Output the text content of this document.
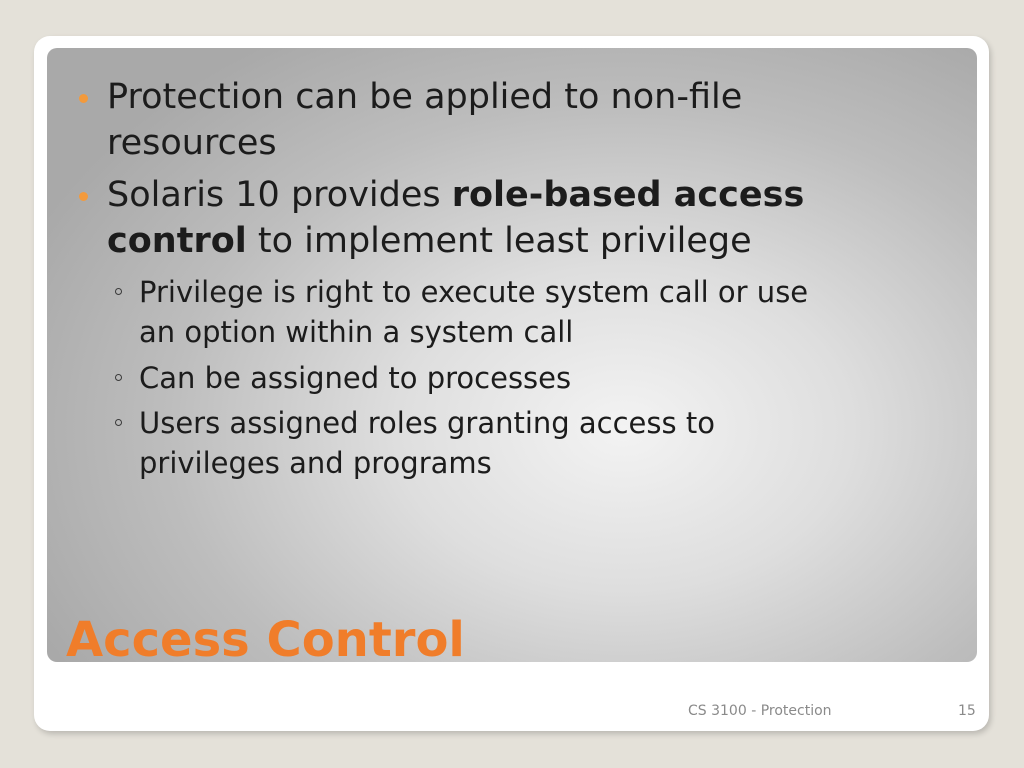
Protection can be applied to non-file
resources
Solaris 10 provides role-based access
control to implement least privilege
Privilege is right to execute system call or use
an option within a system call
Can be assigned to processes
Users assigned roles granting access to
privileges and programs
Access Control
CS 3100 - Protection	15
